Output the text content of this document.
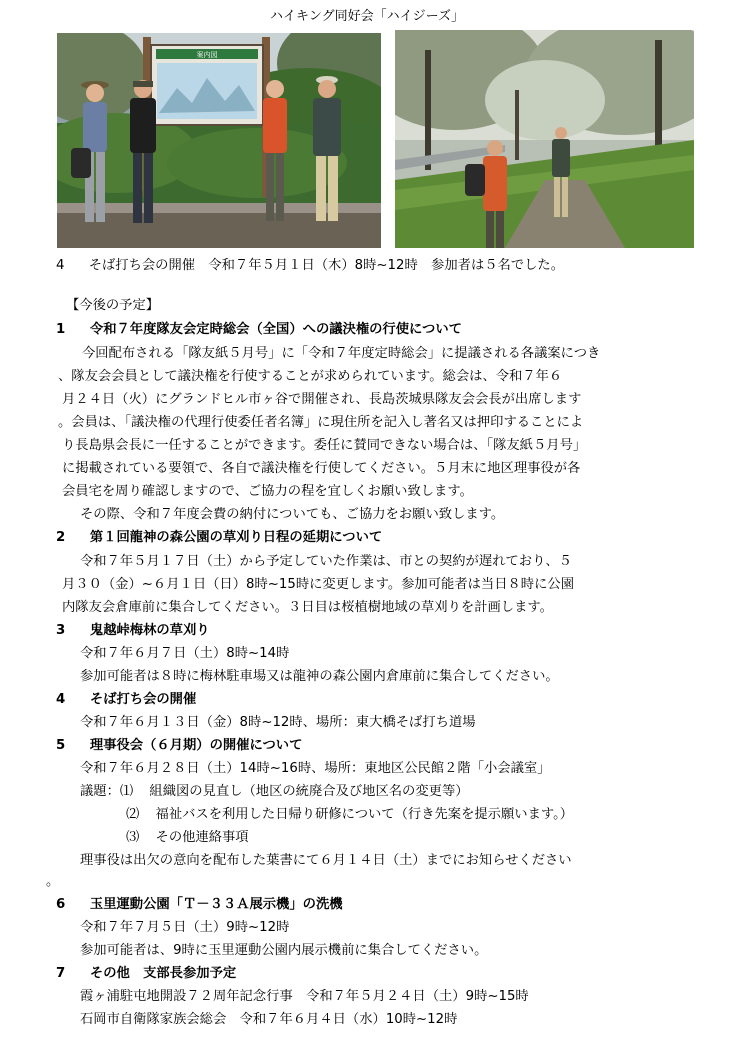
ハイキング同好会「ハイジーズ」
案内図
4 そば打ち会の開催　令和７年５月１日（木）8時~12時　参加者は５名でした。
【今後の予定】
1 令和７年度隊友会定時総会（全国）への議決権の行使について
今回配布される「隊友紙５月号」に「令和７年度定時総会」に提議される各議案につき
、隊友会会員として議決権を行使することが求められています。総会は、令和７年６
月２４日（火）にグランドヒル市ヶ谷で開催され、長島茨城県隊友会会長が出席します
。会員は、「議決権の代理行使委任者名簿」に現住所を記入し著名又は押印することによ
り長島県会長に一任することができます。委任に賛同できない場合は、「隊友紙５月号」
に掲載されている要領で、各自で議決権を行使してください。５月末に地区理事役が各
会員宅を周り確認しますので、ご協力の程を宜しくお願い致します。
その際、令和７年度会費の納付についても、ご協力をお願い致します。
2 第１回龍神の森公園の草刈り日程の延期について
令和７年５月１７日（土）から予定していた作業は、市との契約が遅れており、５
月３０（金）~６月１日（日）8時~15時に変更します。参加可能者は当日８時に公園
内隊友会倉庫前に集合してください。３日目は桜植樹地域の草刈りを計画します。
3 鬼越峠梅林の草刈り
令和７年６月７日（土）8時~14時
参加可能者は８時に梅林駐車場又は龍神の森公園内倉庫前に集合してください。
4 そば打ち会の開催
令和７年６月１３日（金）8時~12時、場所：東大橋そば打ち道場
5 理事役会（６月期）の開催について
令和７年６月２８日（土）14時~16時、場所：東地区公民館２階「小会議室」
議題：⑴ 組織図の見直し（地区の統廃合及び地区名の変更等）
⑵ 福祉バスを利用した日帰り研修について（行き先案を提示願います。）
⑶ その他連絡事項
理事役は出欠の意向を配布した葉書にて６月１４日（土）までにお知らせください
。
6 玉里運動公園「Ｔ－３３Ａ展示機」の洗機
令和７年７月５日（土）9時~12時
参加可能者は、9時に玉里運動公園内展示機前に集合してください。
7 その他　支部長参加予定
霞ヶ浦駐屯地開設７２周年記念行事　令和７年５月２４日（土）9時~15時
石岡市自衛隊家族会総会　令和７年６月４日（水）10時~12時
